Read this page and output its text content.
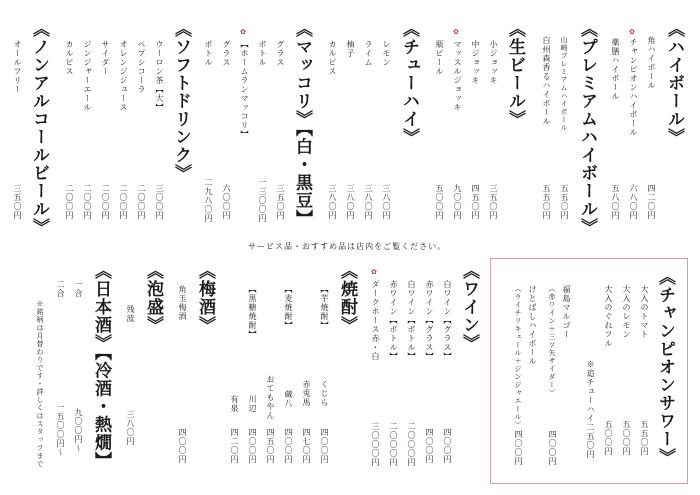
《ハイボール》
角ハイボール
四二〇円
✿
チャンピオンハイボール
六八〇円
薬膳ハイボール
五八〇円
《プレミアムハイボール》
山崎プレミアムハイボール
五五〇円
白州森香るハイボール
五五〇円
《生ビール》
小ジョッキ
三五〇円
中ジョッキ
四五〇円
✿
マッスルジョッキ
九〇〇円
瓶ビール
五〇〇円
《チューハイ》
レモン
三八〇円
ライム
三八〇円
柚子
三八〇円
カルピス
三八〇円
《マッコリ》【白・黒豆】
グラス
三五〇円
ボトル
一三〇〇円
✿
【ホームランマッコリ】
グラス
六〇〇円
ボトル
二九八〇円
《ソフトドリンク》
ウーロン茶【大】
三〇〇円
ペプシコーラ
二〇〇円
オレンジジュース
二〇〇円
サイダー
二〇〇円
ジンジャーエール
二〇〇円
カルピス
二〇〇円
《ノンアルコールビール》
オールフリー
三五〇円
サービス品・おすすめ品は店内をご覧ください。
《チャンピオンサワー》
大入のトマト
五五〇円
大入のレモン
五〇〇円
大入のぐれフル
五〇〇円
※追チューハイ二五〇円
福島マルゴー
（赤ワイン＋三ツ矢サイダー）
四〇〇円
けとばしハイボール
（ライチリキュール＋ジンジャエール）
四〇〇円
《ワイン》
白ワイン【グラス】
四〇〇円
赤ワイン【グラス】
四〇〇円
白ワイン【ボトル】
二〇〇〇円
赤ワイン【ボトル】
二〇〇〇円
✿
ダークホース赤・白
三〇〇〇円
《焼酎》
【芋焼酎】
くじら
四〇〇円
赤兎馬
四七〇円
蔵八
四〇〇円
おてもやん
四五〇円
【麦焼酎】
川辺
四〇〇円
【黒糖焼酎】
有泉
四二〇円
《梅酒》
角玉梅酒
四〇〇円
《泡盛》
残波
三八〇円
《日本酒》【冷酒・熱燗】
一合
九〇〇円〜
二合
一五〇〇円〜
※銘柄は月替わりです・詳しくはスタッフまで
